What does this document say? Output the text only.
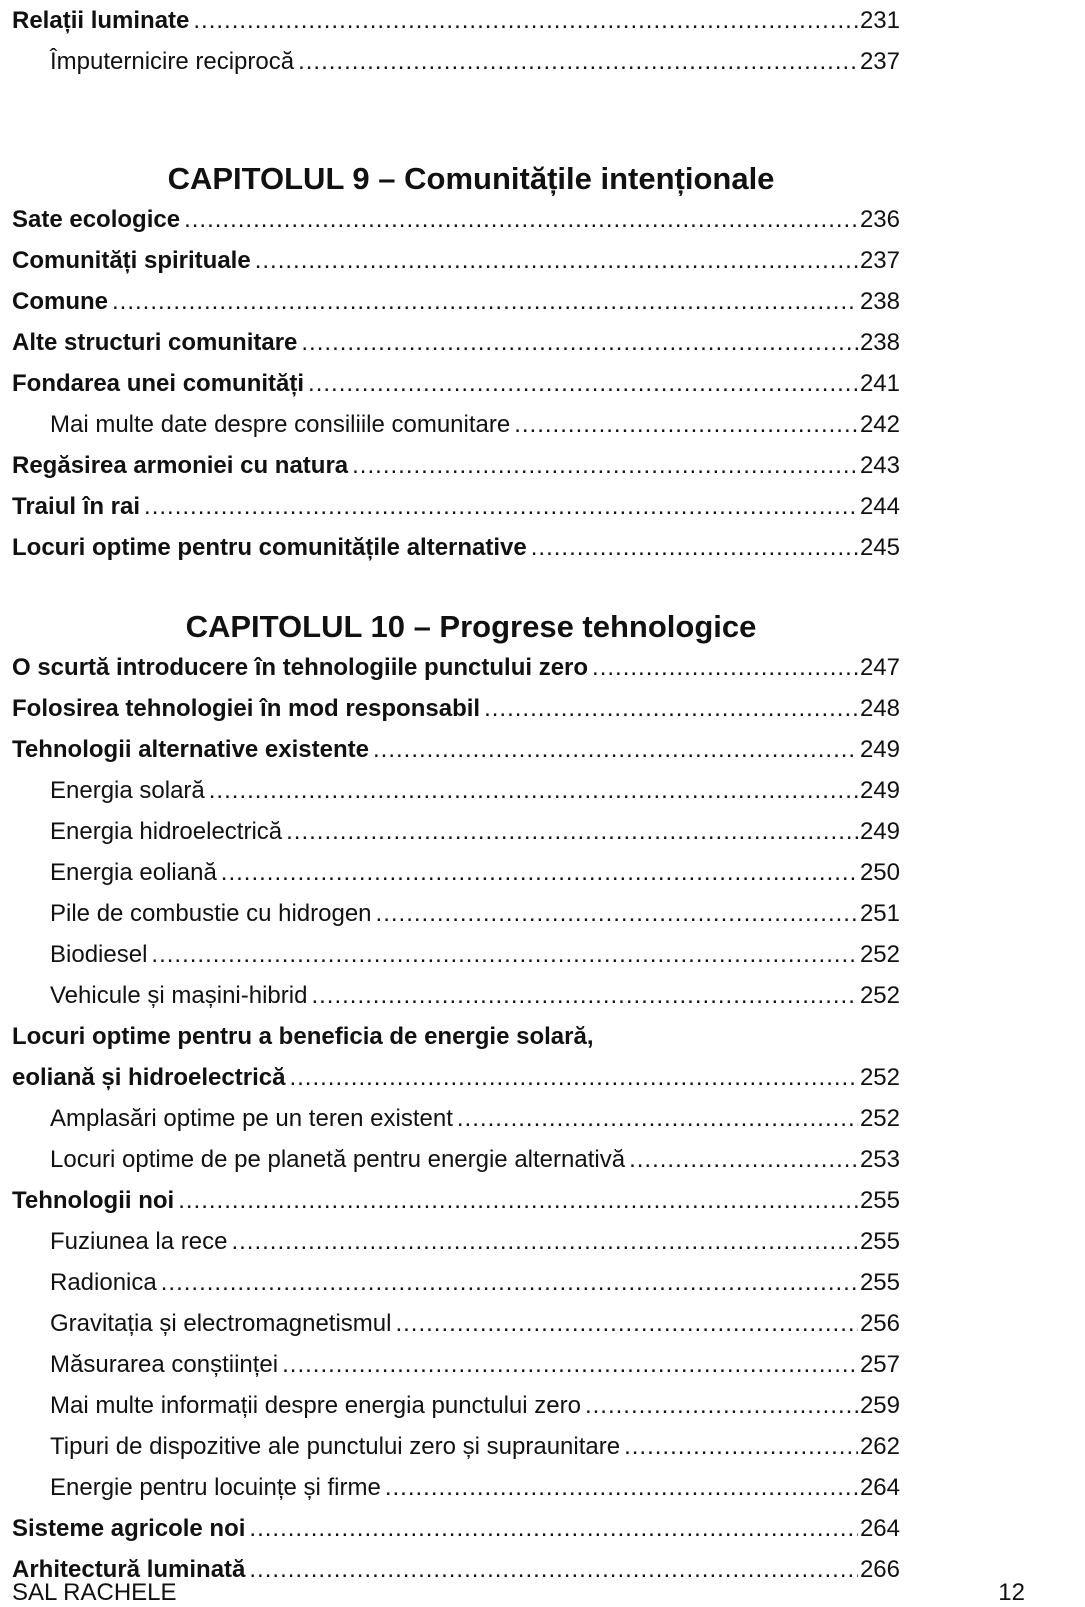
Relații luminate .....	231
Împuternicire reciprocă .....	237
CAPITOLUL 9 – Comunitățile intenționale
Sate ecologice .....	236
Comunități spirituale .....	237
Comune .....	238
Alte structuri comunitare .....	238
Fondarea unei comunități .....	241
Mai multe date despre consiliile comunitare .....	242
Regăsirea armoniei cu natura .....	243
Traiul în rai .....	244
Locuri optime pentru comunitățile alternative .....	245
CAPITOLUL 10 – Progrese tehnologice
O scurtă introducere în tehnologiile punctului zero .....	247
Folosirea tehnologiei în mod responsabil .....	248
Tehnologii alternative existente .....	249
Energia solară .....	249
Energia hidroelectrică .....	249
Energia eoliană .....	250
Pile de combustie cu hidrogen .....	251
Biodiesel .....	252
Vehicule și mașini-hibrid .....	252
Locuri optime pentru a beneficia de energie solară,
eoliană și hidroelectrică .....	252
Amplasări optime pe un teren existent .....	252
Locuri optime de pe planetă pentru energie alternativă .....	253
Tehnologii noi .....	255
Fuziunea la rece .....	255
Radionica .....	255
Gravitația și electromagnetismul .....	256
Măsurarea conștiinței .....	257
Mai multe informații despre energia punctului zero .....	259
Tipuri de dispozitive ale punctului zero și supraunitare .....	262
Energie pentru locuințe și firme .....	264
Sisteme agricole noi .....	264
Arhitectură luminată .....	266
SAL RACHELE	12
